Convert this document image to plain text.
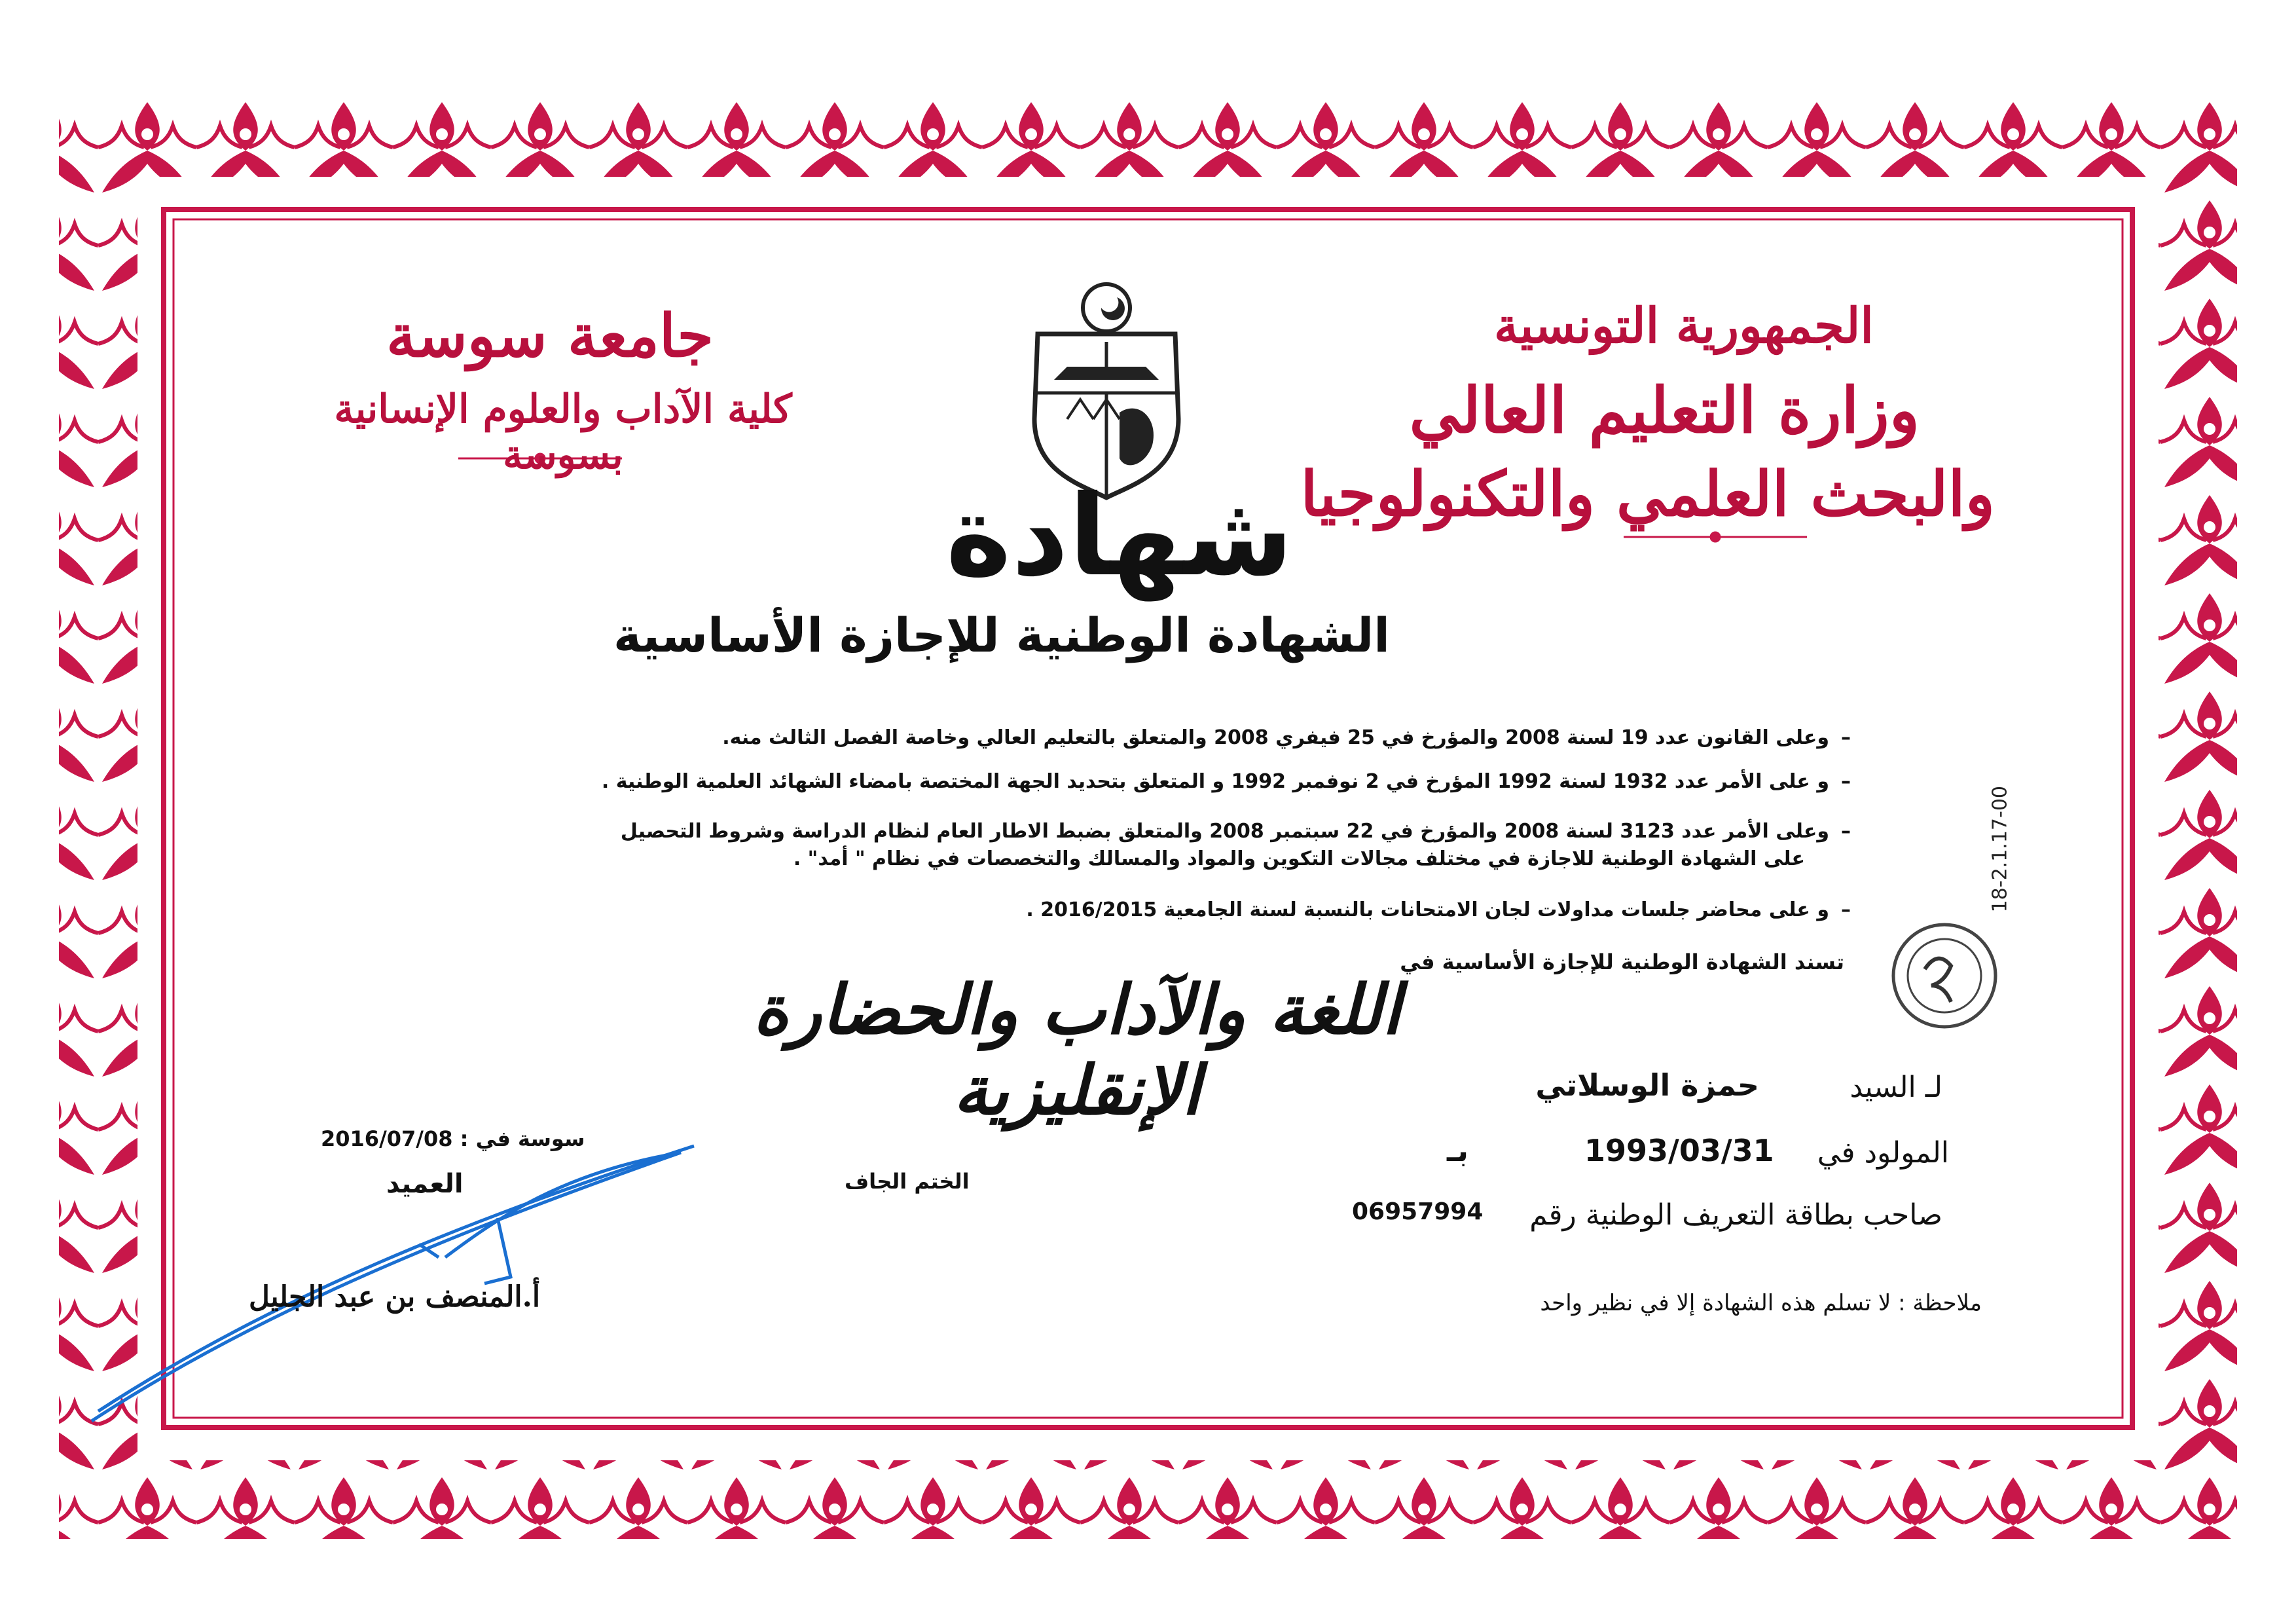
الجمهورية التونسية
وزارة التعليم العالي
والبحث العلمي والتكنولوجيا
جامعة سوسة
كلية الآداب والعلوم الإنسانية بسوسة
شهادة
الشهادة الوطنية للإجازة الأساسية
–وعلى القانون عدد 19 لسنة 2008 والمؤرخ في 25 فيفري 2008 والمتعلق بالتعليم العالي وخاصة الفصل الثالث منه.
–و على الأمر عدد 1932 لسنة 1992 المؤرخ في 2 نوفمبر 1992 و المتعلق بتحديد الجهة المختصة بامضاء الشهائد العلمية الوطنية .
–وعلى الأمر عدد 3123 لسنة 2008 والمؤرخ في 22 سبتمبر 2008 والمتعلق بضبط الاطار العام لنظام الدراسة وشروط التحصيل
على الشهادة الوطنية للاجازة في مختلف مجالات التكوين والمواد والمسالك والتخصصات في نظام " أمد" .
–و على محاضر جلسات مداولات لجان الامتحانات بالنسبة لسنة الجامعية 2016/2015 .
تسند الشهادة الوطنية للإجازة الأساسية في
اللغة والآداب والحضارة الإنقليزية	لـ السيد
حمزة الوسلاتي
المولود في
1993/03/31
بـ
صاحب بطاقة التعريف الوطنية رقم
06957994
ملاحظة : لا تسلم هذه الشهادة إلا في نظير واحد
الختم الجاف
سوسة في : 2016/07/08
العميد
أ.المنصف بن عبد الجليل
18-2.1.17-00
